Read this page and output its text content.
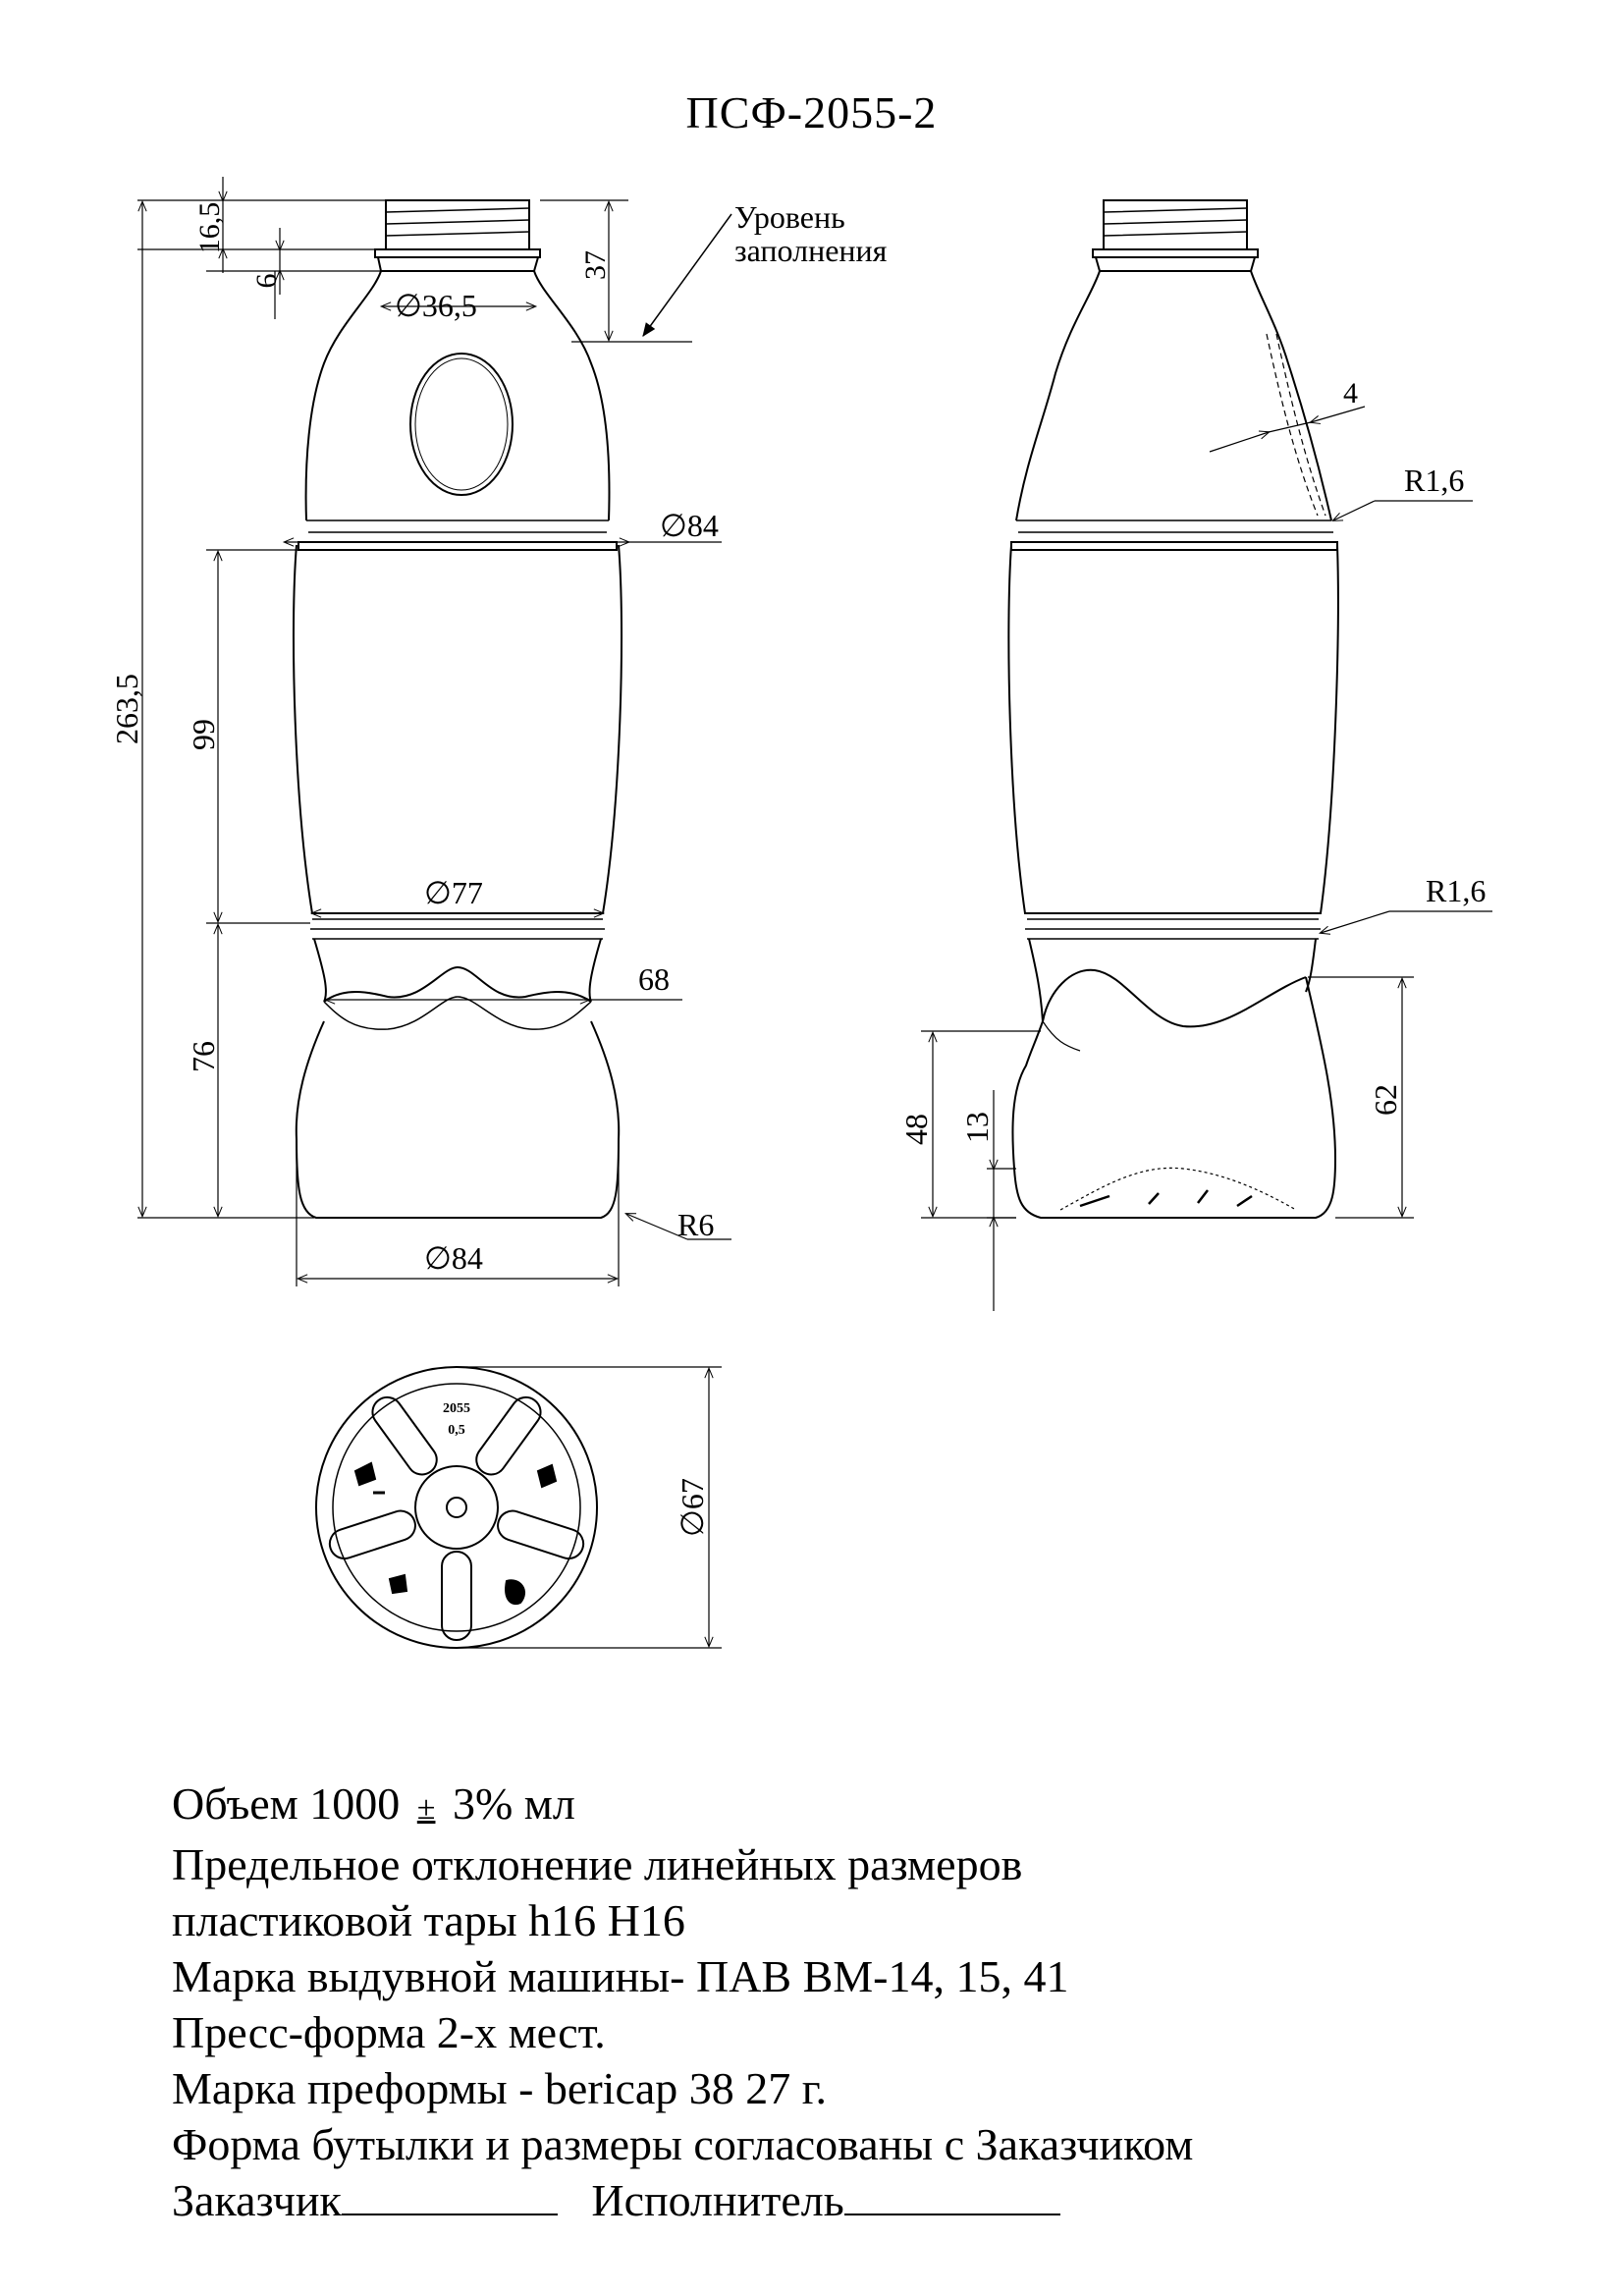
ПСФ-2055-2
16,5
6
37
Уровень
заполнения
∅36,5
∅84
263,5 99
∅77
68
76
∅84
R6
4
R1,6
R1,6
62
48 13
∅67
2055
0,5
Объем 1000 ± 3% мл
Предельное отклонение линейных размеров
пластиковой тары h16 H16
Марка выдувной машины- ПАВ ВМ-14, 15, 41
Пресс-форма 2-х мест.
Марка преформы - bericap 38 27 г.
Форма бутылки и размеры согласованы с Заказчиком
Заказчик	Исполнитель
